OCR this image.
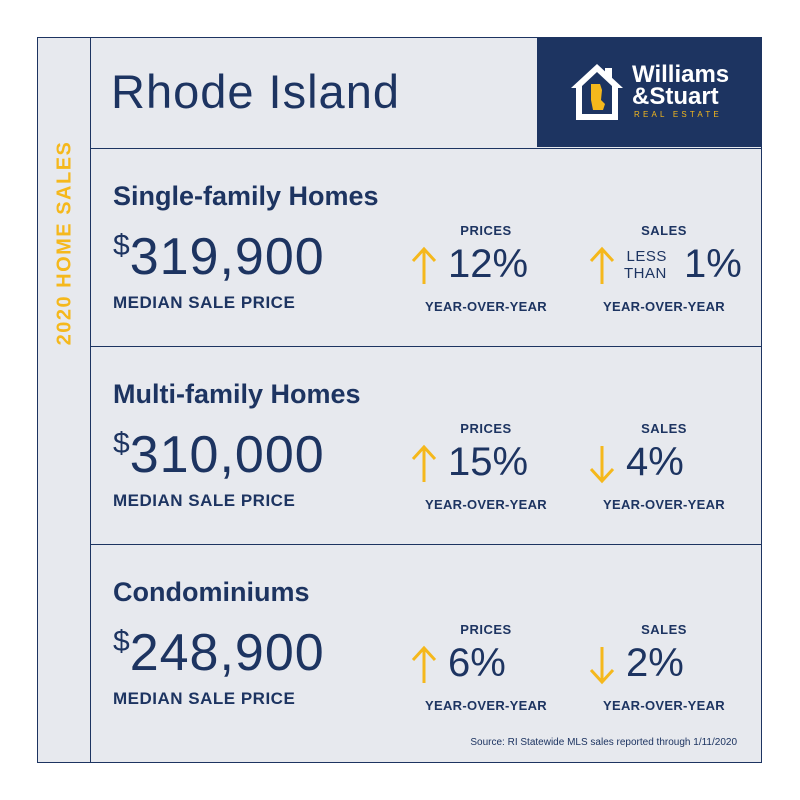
2020 HOME SALES
Rhode Island	Williams
&Stuart
REAL ESTATE
Single-family Homes
$319,900
MEDIAN SALE PRICE
PRICES
12%
YEAR-OVER-YEAR
SALES
LESS
THAN 1%
YEAR-OVER-YEAR
Multi-family Homes
$310,000
MEDIAN SALE PRICE
PRICES
15%
YEAR-OVER-YEAR
SALES
4%
YEAR-OVER-YEAR
Condominiums
$248,900
MEDIAN SALE PRICE
PRICES
6%
YEAR-OVER-YEAR
SALES
2%
YEAR-OVER-YEAR
Source: RI Statewide MLS sales reported through 1/11/2020
